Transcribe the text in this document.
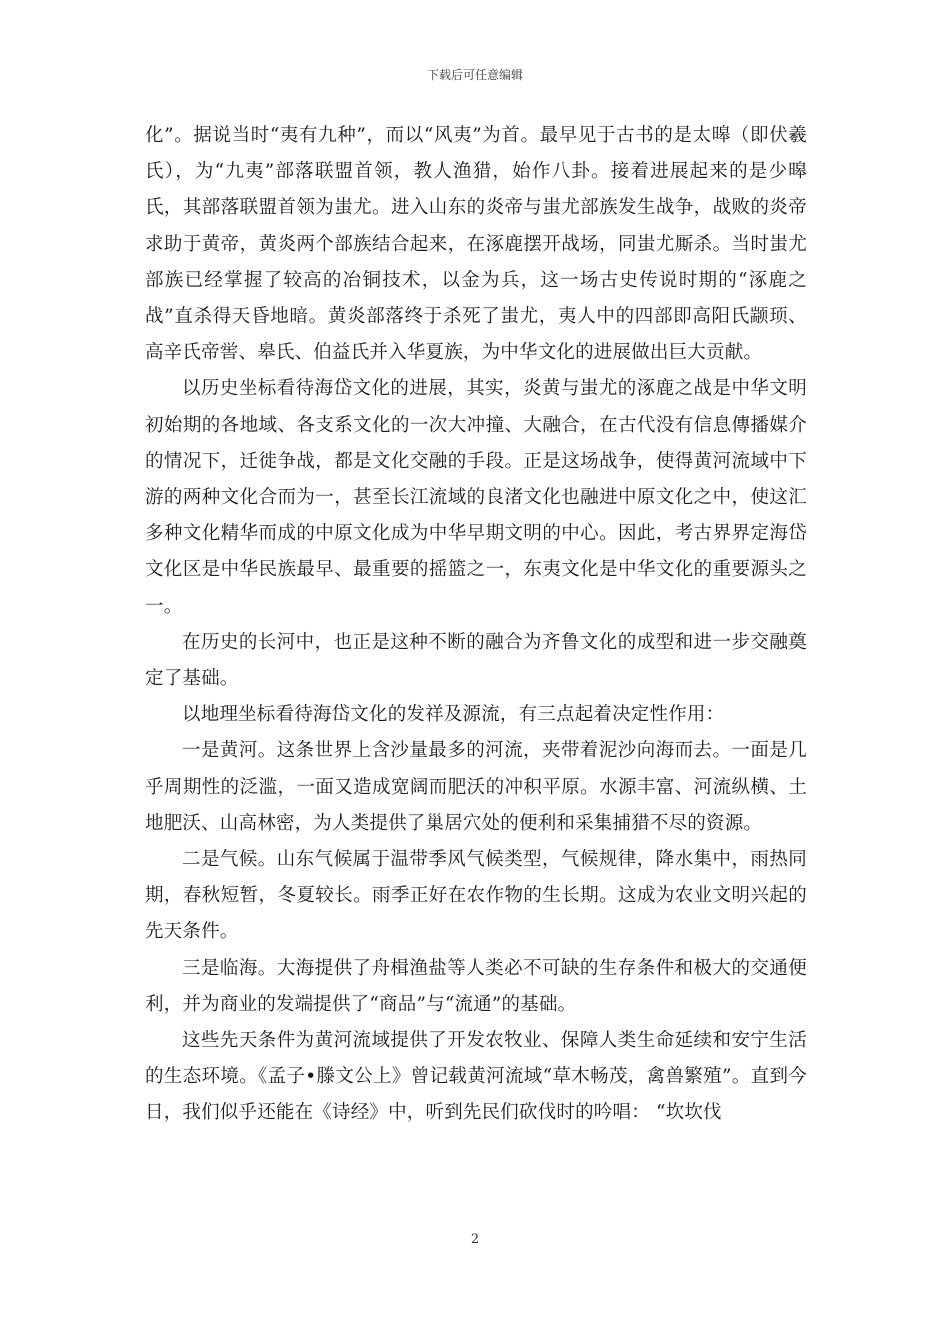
下载后可任意编辑

化”。据说当时“夷有九种”，而以“风夷”为首。最早见于古书的是太暤（即伏羲氏），为“九夷”部落联盟首领，教人渔猎，始作八卦。接着进展起来的是少暤氏，其部落联盟首领为蚩尤。进入山东的炎帝与蚩尤部族发生战争，战败的炎帝求助于黄帝，黄炎两个部族结合起来，在涿鹿摆开战场，同蚩尤厮杀。当时蚩尤部族已经掌握了较高的冶铜技术，以金为兵，这一场古史传说时期的“涿鹿之战”直杀得天昏地暗。黄炎部落终于杀死了蚩尤，夷人中的四部即高阳氏颛顼、高辛氏帝喾、皋氏、伯益氏并入华夏族，为中华文化的进展做出巨大贡献。

以历史坐标看待海岱文化的进展，其实，炎黄与蚩尤的涿鹿之战是中华文明初始期的各地域、各支系文化的一次大冲撞、大融合，在古代没有信息傳播媒介的情况下，迁徙争战，都是文化交融的手段。正是这场战争，使得黄河流域中下游的两种文化合而为一，甚至长江流域的良渚文化也融进中原文化之中，使这汇多种文化精华而成的中原文化成为中华早期文明的中心。因此，考古界界定海岱文化区是中华民族最早、最重要的摇篮之一，东夷文化是中华文化的重要源头之一。

在历史的长河中，也正是这种不断的融合为齐鲁文化的成型和进一步交融奠定了基础。

以地理坐标看待海岱文化的发祥及源流，有三点起着决定性作用：

一是黄河。这条世界上含沙量最多的河流，夹带着泥沙向海而去。一面是几乎周期性的泛滥，一面又造成宽阔而肥沃的冲积平原。水源丰富、河流纵横、土地肥沃、山高林密，为人类提供了巢居穴处的便利和采集捕猎不尽的资源。

二是气候。山东气候属于温带季风气候类型，气候规律，降水集中，雨热同期，春秋短暂，冬夏较长。雨季正好在农作物的生长期。这成为农业文明兴起的先天条件。

三是临海。大海提供了舟楫渔盐等人类必不可缺的生存条件和极大的交通便利，并为商业的发端提供了“商品”与“流通”的基础。

这些先天条件为黄河流域提供了开发农牧业、保障人类生命延续和安宁生活的生态环境。《孟子•滕文公上》曾记载黄河流域“草木畅茂，禽兽繁殖”。直到今日，我们似乎还能在《诗经》中，听到先民们砍伐时的吟唱： “坎坎伐

2
